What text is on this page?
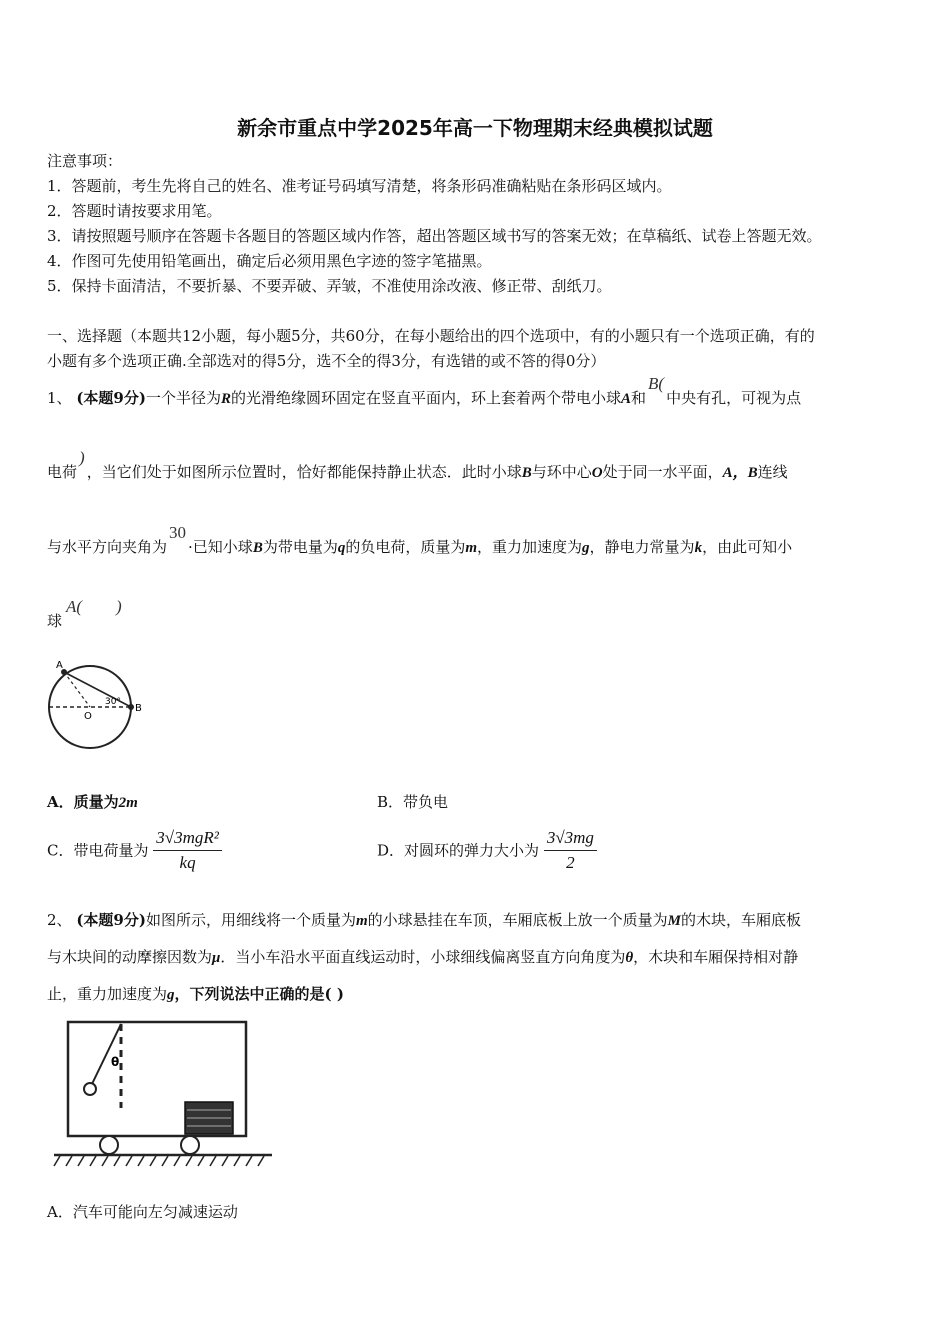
新余市重点中学2025年高一下物理期末经典模拟试题
注意事项：
1．答题前，考生先将自己的姓名、准考证号码填写清楚，将条形码准确粘贴在条形码区域内。
2．答题时请按要求用笔。
3．请按照题号顺序在答题卡各题目的答题区域内作答，超出答题区域书写的答案无效；在草稿纸、试卷上答题无效。
4．作图可先使用铅笔画出，确定后必须用黑色字迹的签字笔描黑。
5．保持卡面清洁，不要折暴、不要弄破、弄皱，不准使用涂改液、修正带、刮纸刀。
一、选择题（本题共12小题，每小题5分，共60分，在每小题给出的四个选项中，有的小题只有一个选项正确，有的
小题有多个选项正确.全部选对的得5分，选不全的得3分，有选错的或不答的得0分）
1、 (本题9分)一个半径为R的光滑绝缘圆环固定在竖直平面内，环上套着两个带电小球A和B(中央有孔，可视为点
电荷)，当它们处于如图所示位置时，恰好都能保持静止状态．此时小球B与环中心O处于同一水平面，A，B连线
与水平方向夹角为30·已知小球B为带电量为q的负电荷，质量为m，重力加速度为g，静电力常量为k，由此可知小
球A(        )
A
B
O
30°
A．质量为2m	B．带负电
C．带电荷量为 $\frac{\text{3√3mgR²}}{kq}$	D．对圆环的弹力大小为 $\frac{3√3mg}{2}$
2、 (本题9分)如图所示，用细线将一个质量为m的小球悬挂在车顶，车厢底板上放一个质量为M的木块，车厢底板
与木块间的动摩擦因数为μ．当小车沿水平面直线运动时，小球细线偏离竖直方向角度为θ，木块和车厢保持相对静
止，重力加速度为g，下列说法中正确的是( )
θ
A．汽车可能向左匀减速运动
